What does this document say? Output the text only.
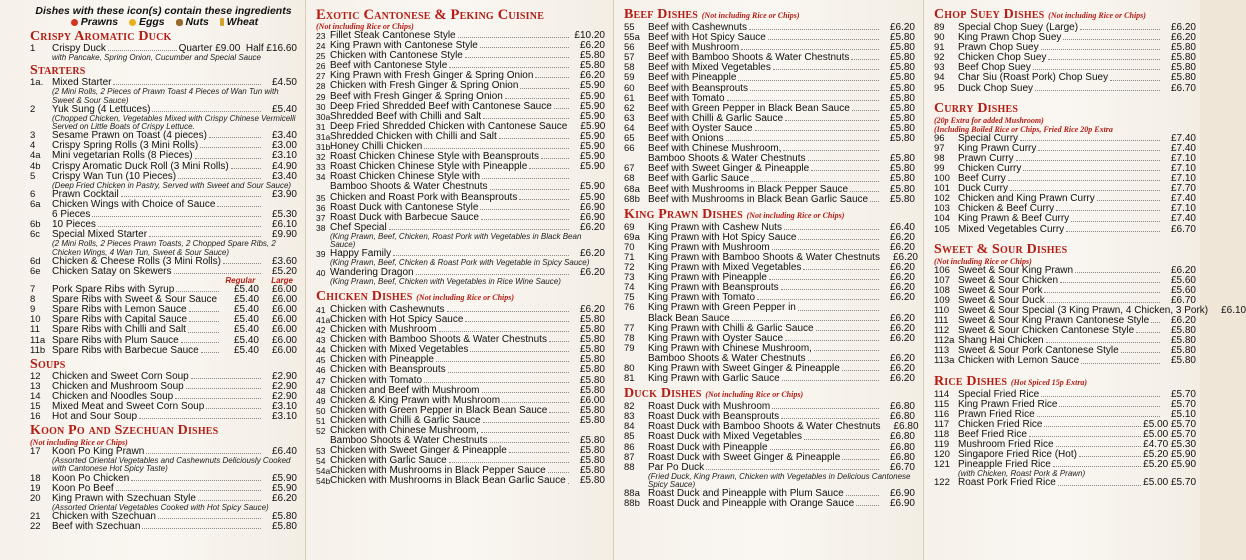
Dishes with these icon(s) contain these ingredients
Prawns Eggs Nuts Wheat
Crispy Aromatic Duck
1	Crispy Duck	Quarter £9.00
Half £16.60
with Pancake, Spring Onion, Cucumber and Special Sauce
Starters
1a. Mixed Starter	£4.50
(2 Mini Rolls, 2 Pieces of Prawn Toast 4 Pieces of Wan Tun with Sweet & Sour Sauce)
2	Yuk Sung (4 Lettuces)	£5.40
(Chopped Chicken, Vegetables Mixed with Crispy Chinese Vermicelli Served on Little Boats of Crispy Lettuce.
3	Sesame Prawn on Toast (4 pieces)	£3.40
4	Crispy Spring Rolls (3 Mini Rolls)	£3.00
4a	Mini vegetarian Rolls (8 Pieces)	£3.10
4b	Crispy Aromatic Duck Roll (3 Mini Rolls)	£4.90
5	Crispy Wan Tun (10 Pieces)	£3.40
(Deep Fried Chicken in Pastry, Served with Sweet and Sour Sauce)
6	Prawn Cocktail	£3.90
6a	Chicken Wings with Choice of Sauce
6 Pieces	£5.30
6b	10 Pieces	£6.10
6c	Special Mixed Starter	£9.90
(2 Mini Rolls, 2 Pieces Prawn Toasts, 2 Chopped Spare Ribs, 2 Chicken Wings, 4 Wan Tun, Sweet & Sour Sauce)
6d	Chicken & Cheese Rolls (3 Mini Rolls)	£3.60
6e	Chicken Satay on Skewers	£5.20
Regular Large
7	Pork Spare Ribs with Syrup	£5.40	£6.00
8	Spare Ribs with Sweet & Sour Sauce	£5.40	£6.00
9	Spare Ribs with Lemon Sauce	£5.40	£6.00
10	Spare Ribs with Capital Sauce	£5.40	£6.00
11	Spare Ribs with Chilli and Salt	£5.40	£6.00
11a Spare Ribs with Plum Sauce	£5.40	£6.00
11b Spare Ribs with Barbecue Sauce	£5.40	£6.00
Soups
12	Chicken and Sweet Corn Soup	£2.90
13	Chicken and Mushroom Soup	£2.90
14	Chicken and Noodles Soup	£2.90
15	Mixed Meat and Sweet Corn Soup	£3.10
16	Hot and Sour Soup	£3.10
Koon Po and Szechuan Dishes
(Not including Rice or Chips)
17	Koon Po King Prawn	£6.40
(Assorted Oriental Vegetables and Cashewnuts Deliciously Cooked with Cantonese Hot Spicy Taste)
18	Koon Po Chicken	£5.90
19	Koon Po Beef	£5.90
20	King Prawn with Szechuan Style	£6.20
(Assorted Oriental Vegetables Cooked with Hot Spicy Sauce)
21	Chicken with Szechuan	£5.80
22	Beef with Szechuan	£5.80
Exotic Cantonese & Peking Cuisine
(Not including Rice or Chips)
23 Fillet Steak Cantonese Style	£10.20
24 King Prawn with Cantonese Style	£6.20
25 Chicken with Cantonese Style	£5.80
26 Beef with Cantonese Style	£5.80
27 King Prawn with Fresh Ginger & Spring Onion	£6.20
28 Chicken with Fresh Ginger & Spring Onion	£5.90
29 Beef with Fresh Ginger & Spring Onion	£5.90
30 Deep Fried Shredded Beef with Cantonese Sauce	£5.90
30a Shredded Beef with Chilli and Salt	£5.90
31 Deep Fried Shredded Chicken with Cantonese Sauce	£5.90
31a Shredded Chicken with Chilli and Salt	£5.90
31b Honey Chilli Chicken	£5.90
32 Roast Chicken Chinese Style with Beansprouts	£5.90
33 Roast Chicken Chinese Style with Pineapple	£5.90
34 Roast Chicken Chinese Style with
Bamboo Shoots & Water Chestnuts	£5.90
35 Chicken and Roast Pork with Beansprouts	£5.90
36 Roast Duck with Cantonese Style	£6.90
37 Roast Duck with Barbecue Sauce	£6.90
38 Chef Special	£6.20
(King Prawn, Beef, Chicken, Roast Pork with Vegetables in Black Bean Sauce)
39 Happy Family	£6.20
(King Prawn, Beef, Chicken & Roast Pork with Vegetable in Spicy Sauce)
40 Wandering Dragon	£6.20
(King Prawn, Beef, Chicken with Vegetables in Rice Wine Sauce)
Chicken Dishes (Not including Rice or Chips)
41 Chicken with Cashewnuts	£6.20
41a Chicken with Hot Spicy Sauce	£5.80
42 Chicken with Mushroom	£5.80
43 Chicken with Bamboo Shoots & Water Chestnuts	£5.80
44 Chicken with Mixed Vegetables	£5.80
45 Chicken with Pineapple	£5.80
46 Chicken with Beansprouts	£5.80
47 Chicken with Tomato	£5.80
48 Chicken and Beef with Mushroom	£5.80
49 Chicken & King Prawn with Mushroom	£6.00
50 Chicken with Green Pepper in Black Bean Sauce	£5.80
51 Chicken with Chilli & Garlic Sauce	£5.80
52 Chicken with Chinese Mushroom,
Bamboo Shoots & Water Chestnuts	£5.80
53 Chicken with Sweet Ginger & Pineapple	£5.80
54 Chicken with Garlic Sauce	£5.80
54a Chicken with Mushrooms in Black Pepper Sauce	£5.80
54b Chicken with Mushrooms in Black Bean Garlic Sauce	£5.80
Beef Dishes (Not including Rice or Chips)
55	Beef with Cashewnuts	£6.20
55a Beef with Hot Spicy Sauce	£5.80
56	Beef with Mushroom	£5.80
57	Beef with Bamboo Shoots & Water Chestnuts	£5.80
58	Beef with Mixed Vegetables	£5.80
59	Beef with Pineapple	£5.80
60	Beef with Beansprouts	£5.80
61	Beef with Tomato	£5.80
62	Beef with Green Pepper in Black Bean Sauce	£5.80
63	Beef with Chilli & Garlic Sauce	£5.80
64	Beef with Oyster Sauce	£5.80
65	Beef with Onions	£5.80
66	Beef with Chinese Mushroom,
Bamboo Shoots & Water Chestnuts	£5.80
67	Beef with Sweet Ginger & Pineapple	£5.80
68	Beef with Garlic Sauce	£5.80
68a Beef with Mushrooms in Black Pepper Sauce	£5.80
68b Beef with Mushrooms in Black Bean Garlic Sauce	£5.80
King Prawn Dishes (Not including Rice or Chips)
69	King Prawn with Cashew Nuts	£6.40
69a King Prawn with Hot Spicy Sauce	£6.20
70	King Prawn with Mushroom	£6.20
71	King Prawn with Bamboo Shoots & Water Chestnuts	£6.20
72	King Prawn with Mixed Vegetables	£6.20
73	King Prawn with Pineapple	£6.20
74	King Prawn with Beansprouts	£6.20
75	King Prawn with Tomato	£6.20
76	King Prawn with Green Pepper in
Black Bean Sauce	£6.20
77	King Prawn with Chilli & Garlic Sauce	£6.20
78	King Prawn with Oyster Sauce	£6.20
79	King Prawn with Chinese Mushroom,
Bamboo Shoots & Water Chestnuts	£6.20
80	King Prawn with Sweet Ginger & Pineapple	£6.20
81	King Prawn with Garlic Sauce	£6.20
Duck Dishes (Not including Rice or Chips)
82	Roast Duck with Mushroom	£6.80
83	Roast Duck with Beansprouts	£6.80
84	Roast Duck with Bamboo Shoots & Water Chestnuts	£6.80
85	Roast Duck with Mixed Vegetables	£6.80
86	Roast Duck with Pineapple	£6.80
87	Roast Duck with Sweet Ginger & Pineapple	£6.80
88	Par Po Duck	£6.70
(Fried Duck, King Prawn, Chicken with Vegetables in Delicious Cantonese Spicy Sauce)
88a Roast Duck and Pineapple with Plum Sauce	£6.90
88b Roast Duck and Pineapple with Orange Sauce	£6.90
Chop Suey Dishes (Not including Rice or Chips)
89	Special Chop Suey (Large)	£6.20
90	King Prawn Chop Suey	£6.20
91	Prawn Chop Suey	£5.80
92	Chicken Chop Suey	£5.80
93	Beef Chop Suey	£5.80
94	Char Siu (Roast Pork) Chop Suey	£5.80
95	Duck Chop Suey	£6.70
Curry Dishes
(20p Extra for added Mushroom)
(Including Boiled Rice or Chips, Fried Rice 20p Extra
96	Special Curry	£7.40
97	King Prawn Curry	£7.40
98	Prawn Curry	£7.10
99	Chicken Curry	£7.10
100 Beef Curry	£7.10
101 Duck Curry	£7.70
102 Chicken and King Prawn Curry	£7.40
103 Chicken & Beef Curry	£7.10
104 King Prawn & Beef Curry	£7.40
105 Mixed Vegetables Curry	£6.70
Sweet & Sour Dishes
(Not including Rice or Chips)
106 Sweet & Sour King Prawn	£6.20
107 Sweet & Sour Chicken	£5.60
108 Sweet & Sour Pork	£5.60
109 Sweet & Sour Duck	£6.70
110 Sweet & Sour Special (3 King Prawn, 4 Chicken, 3 Pork)	£6.10
111 Sweet & Sour King Prawn Cantonese Style	£6.20
112 Sweet & Sour Chicken Cantonese Style	£5.80
112a Shang Hai Chicken	£5.80
113 Sweet & Sour Pork Cantonese Style	£5.80
113a Chicken with Lemon Sauce	£5.80
Rice Dishes (Hot Spiced 15p Extra)
114 Special Fried Rice	£5.70
115 King Prawn Fried Rice	£5.70
116 Prawn Fried Rice	£5.10
117 Chicken Fried Rice	£5.00 £5.70
118 Beef Fried Rice	£5.00 £5.70
119 Mushroom Fried Rice	£4.70 £5.30
120 Singapore Fried Rice (Hot)	£5.20 £5.90
121 Pineapple Fried Rice	£5.20 £5.90
(with Chicken, Roast Pork & Prawn)
122 Roast Pork Fried Rice	£5.00 £5.70
